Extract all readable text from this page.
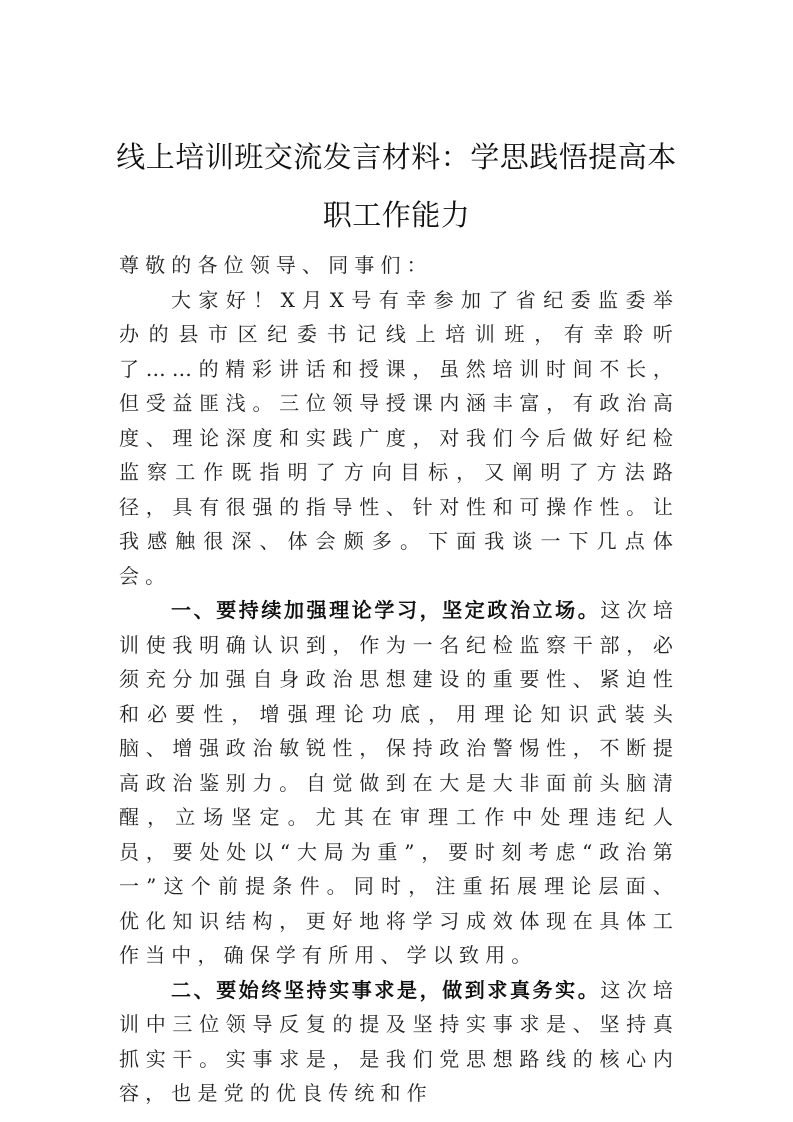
线上培训班交流发言材料：学思践悟提高本
职工作能力

尊敬的各位领导、同事们：

大家好！X月X号有幸参加了省纪委监委举办的县市区纪委书记线上培训班，有幸聆听了……的精彩讲话和授课，虽然培训时间不长，但受益匪浅。三位领导授课内涵丰富，有政治高度、理论深度和实践广度，对我们今后做好纪检监察工作既指明了方向目标，又阐明了方法路径，具有很强的指导性、针对性和可操作性。让我感触很深、体会颇多。下面我谈一下几点体会。

一、要持续加强理论学习，坚定政治立场。这次培训使我明确认识到，作为一名纪检监察干部，必须充分加强自身政治思想建设的重要性、紧迫性和必要性，增强理论功底，用理论知识武装头脑、增强政治敏锐性，保持政治警惕性，不断提高政治鉴别力。自觉做到在大是大非面前头脑清醒，立场坚定。尤其在审理工作中处理违纪人员，要处处以“大局为重”，要时刻考虑“政治第一”这个前提条件。同时，注重拓展理论层面、优化知识结构，更好地将学习成效体现在具体工作当中，确保学有所用、学以致用。

二、要始终坚持实事求是，做到求真务实。这次培训中三位领导反复的提及坚持实事求是、坚持真抓实干。实事求是，是我们党思想路线的核心内容，也是党的优良传统和作
